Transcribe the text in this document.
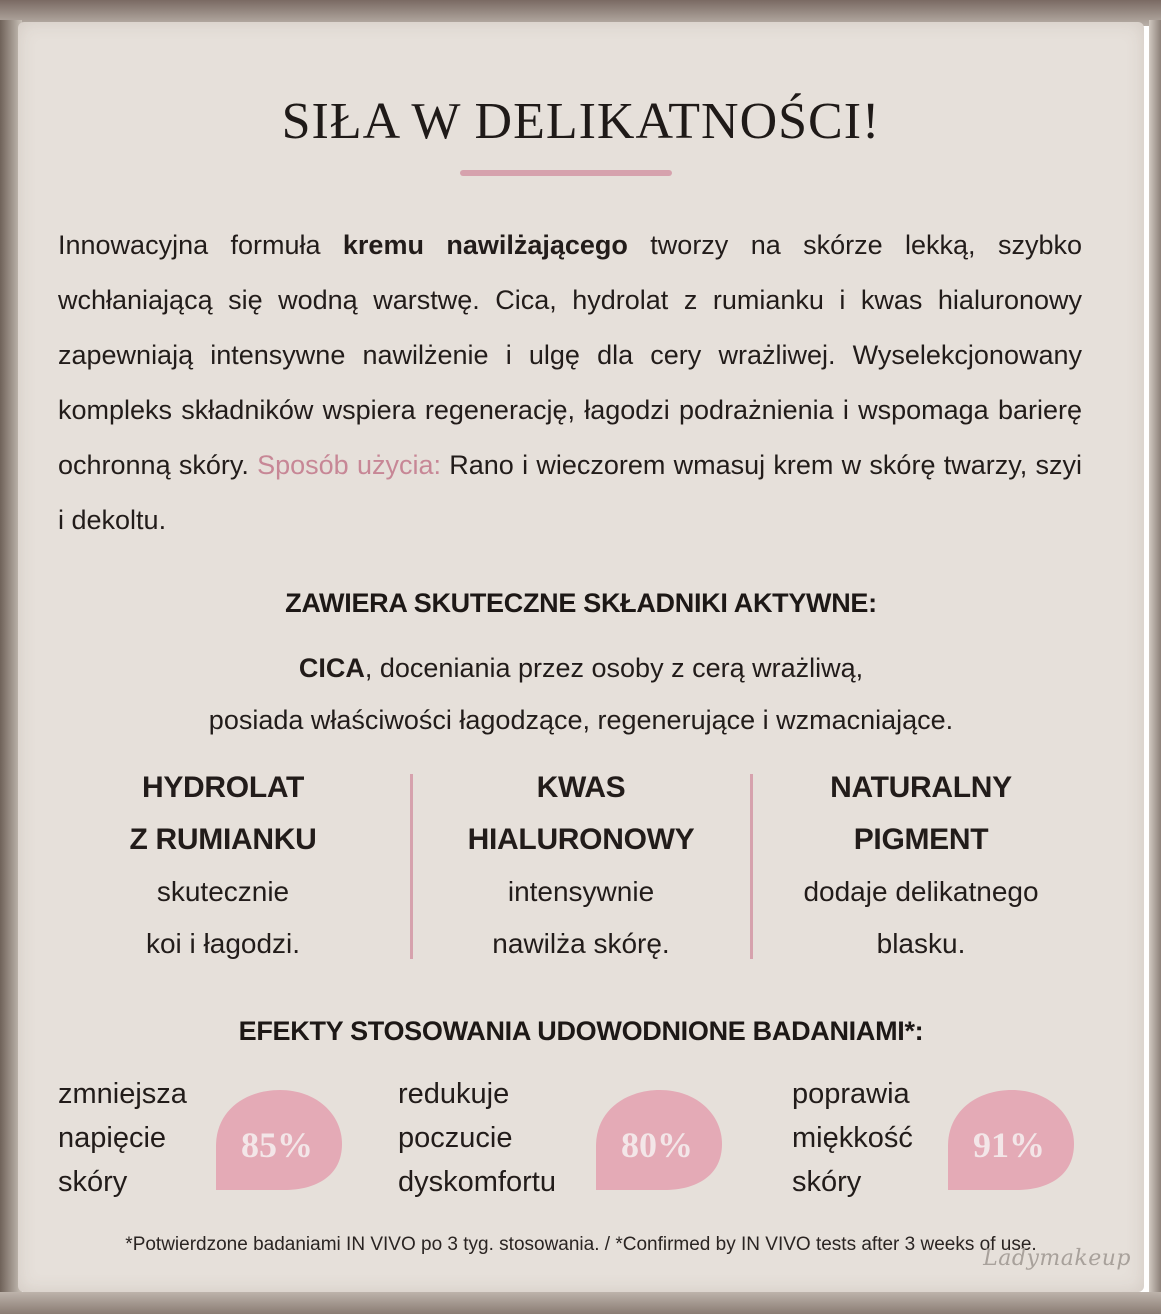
SIŁA W DELIKATNOŚCI!
Innowacyjna formuła kremu nawilżającego tworzy na skórze lekką, szybko wchłaniającą się wodną warstwę. Cica, hydrolat z rumianku i kwas hialuronowy zapewniają intensywne nawilżenie i ulgę dla cery wrażliwej. Wyselekcjonowany kompleks składników wspiera regenerację, łagodzi podrażnienia i wspomaga barierę ochronną skóry. Sposób użycia: Rano i wieczorem wmasuj krem w skórę twarzy, szyi i dekoltu.
ZAWIERA SKUTECZNE SKŁADNIKI AKTYWNE:
CICA, doceniania przez osoby z cerą wrażliwą,
posiada właściwości łagodzące, regenerujące i wzmacniające.
HYDROLAT
Z RUMIANKU
skutecznie
koi i łagodzi.
KWAS
HIALURONOWY
intensywnie
nawilża skórę.
NATURALNY
PIGMENT
dodaje delikatnego
blasku.
EFEKTY STOSOWANIA UDOWODNIONE BADANIAMI*:
zmniejsza
napięcie
skóry
85%
redukuje
poczucie
dyskomfortu
80%
poprawia
miękkość
skóry
91%
*Potwierdzone badaniami IN VIVO po 3 tyg. stosowania. / *Confirmed by IN VIVO tests after 3 weeks of use.
Ladymakeup
